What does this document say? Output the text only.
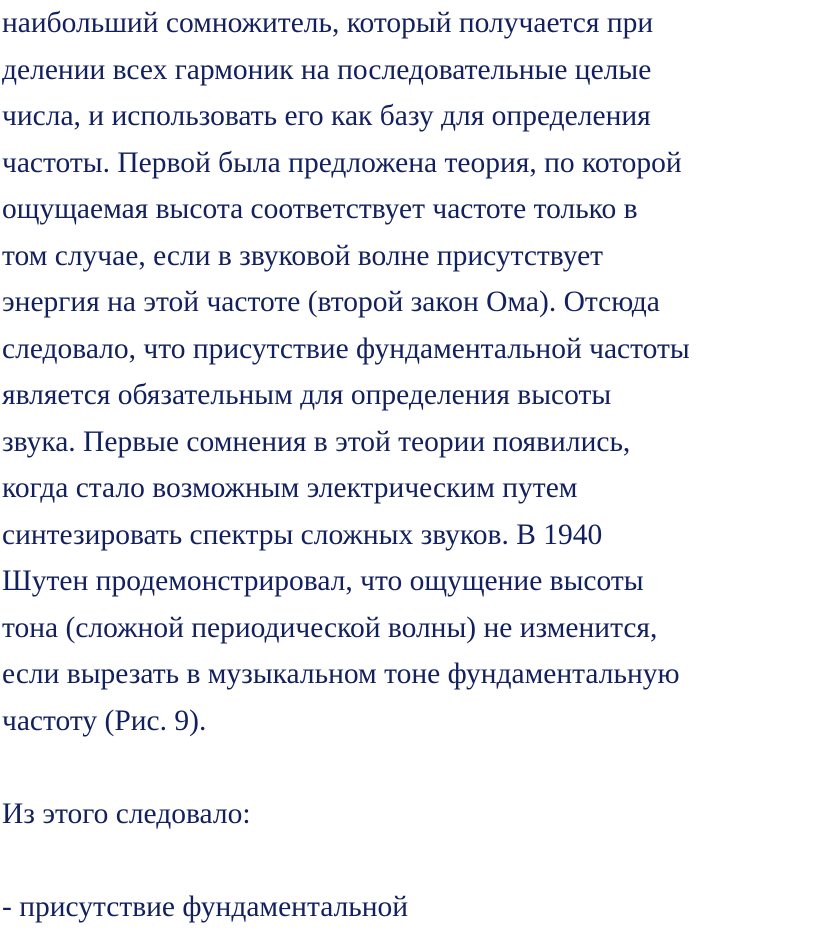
наибольший сомножитель, который получается при
делении всех гармоник на последовательные целые
числа, и использовать его как базу для определения
частоты. Первой была предложена теория, по которой
ощущаемая высота соответствует частоте только в
том случае, если в звуковой волне присутствует
энергия на этой частоте (второй закон Ома). Отсюда
следовало, что присутствие фундаментальной частоты
является обязательным для определения высоты
звука. Первые сомнения в этой теории появились,
когда стало возможным электрическим путем
синтезировать спектры сложных звуков. В 1940
Шутен продемонстрировал, что ощущение высоты
тона (сложной периодической волны) не изменится,
если вырезать в музыкальном тоне фундаментальную
частоту (Рис. 9).
Из этого следовало:
- присутствие фундаментальной
